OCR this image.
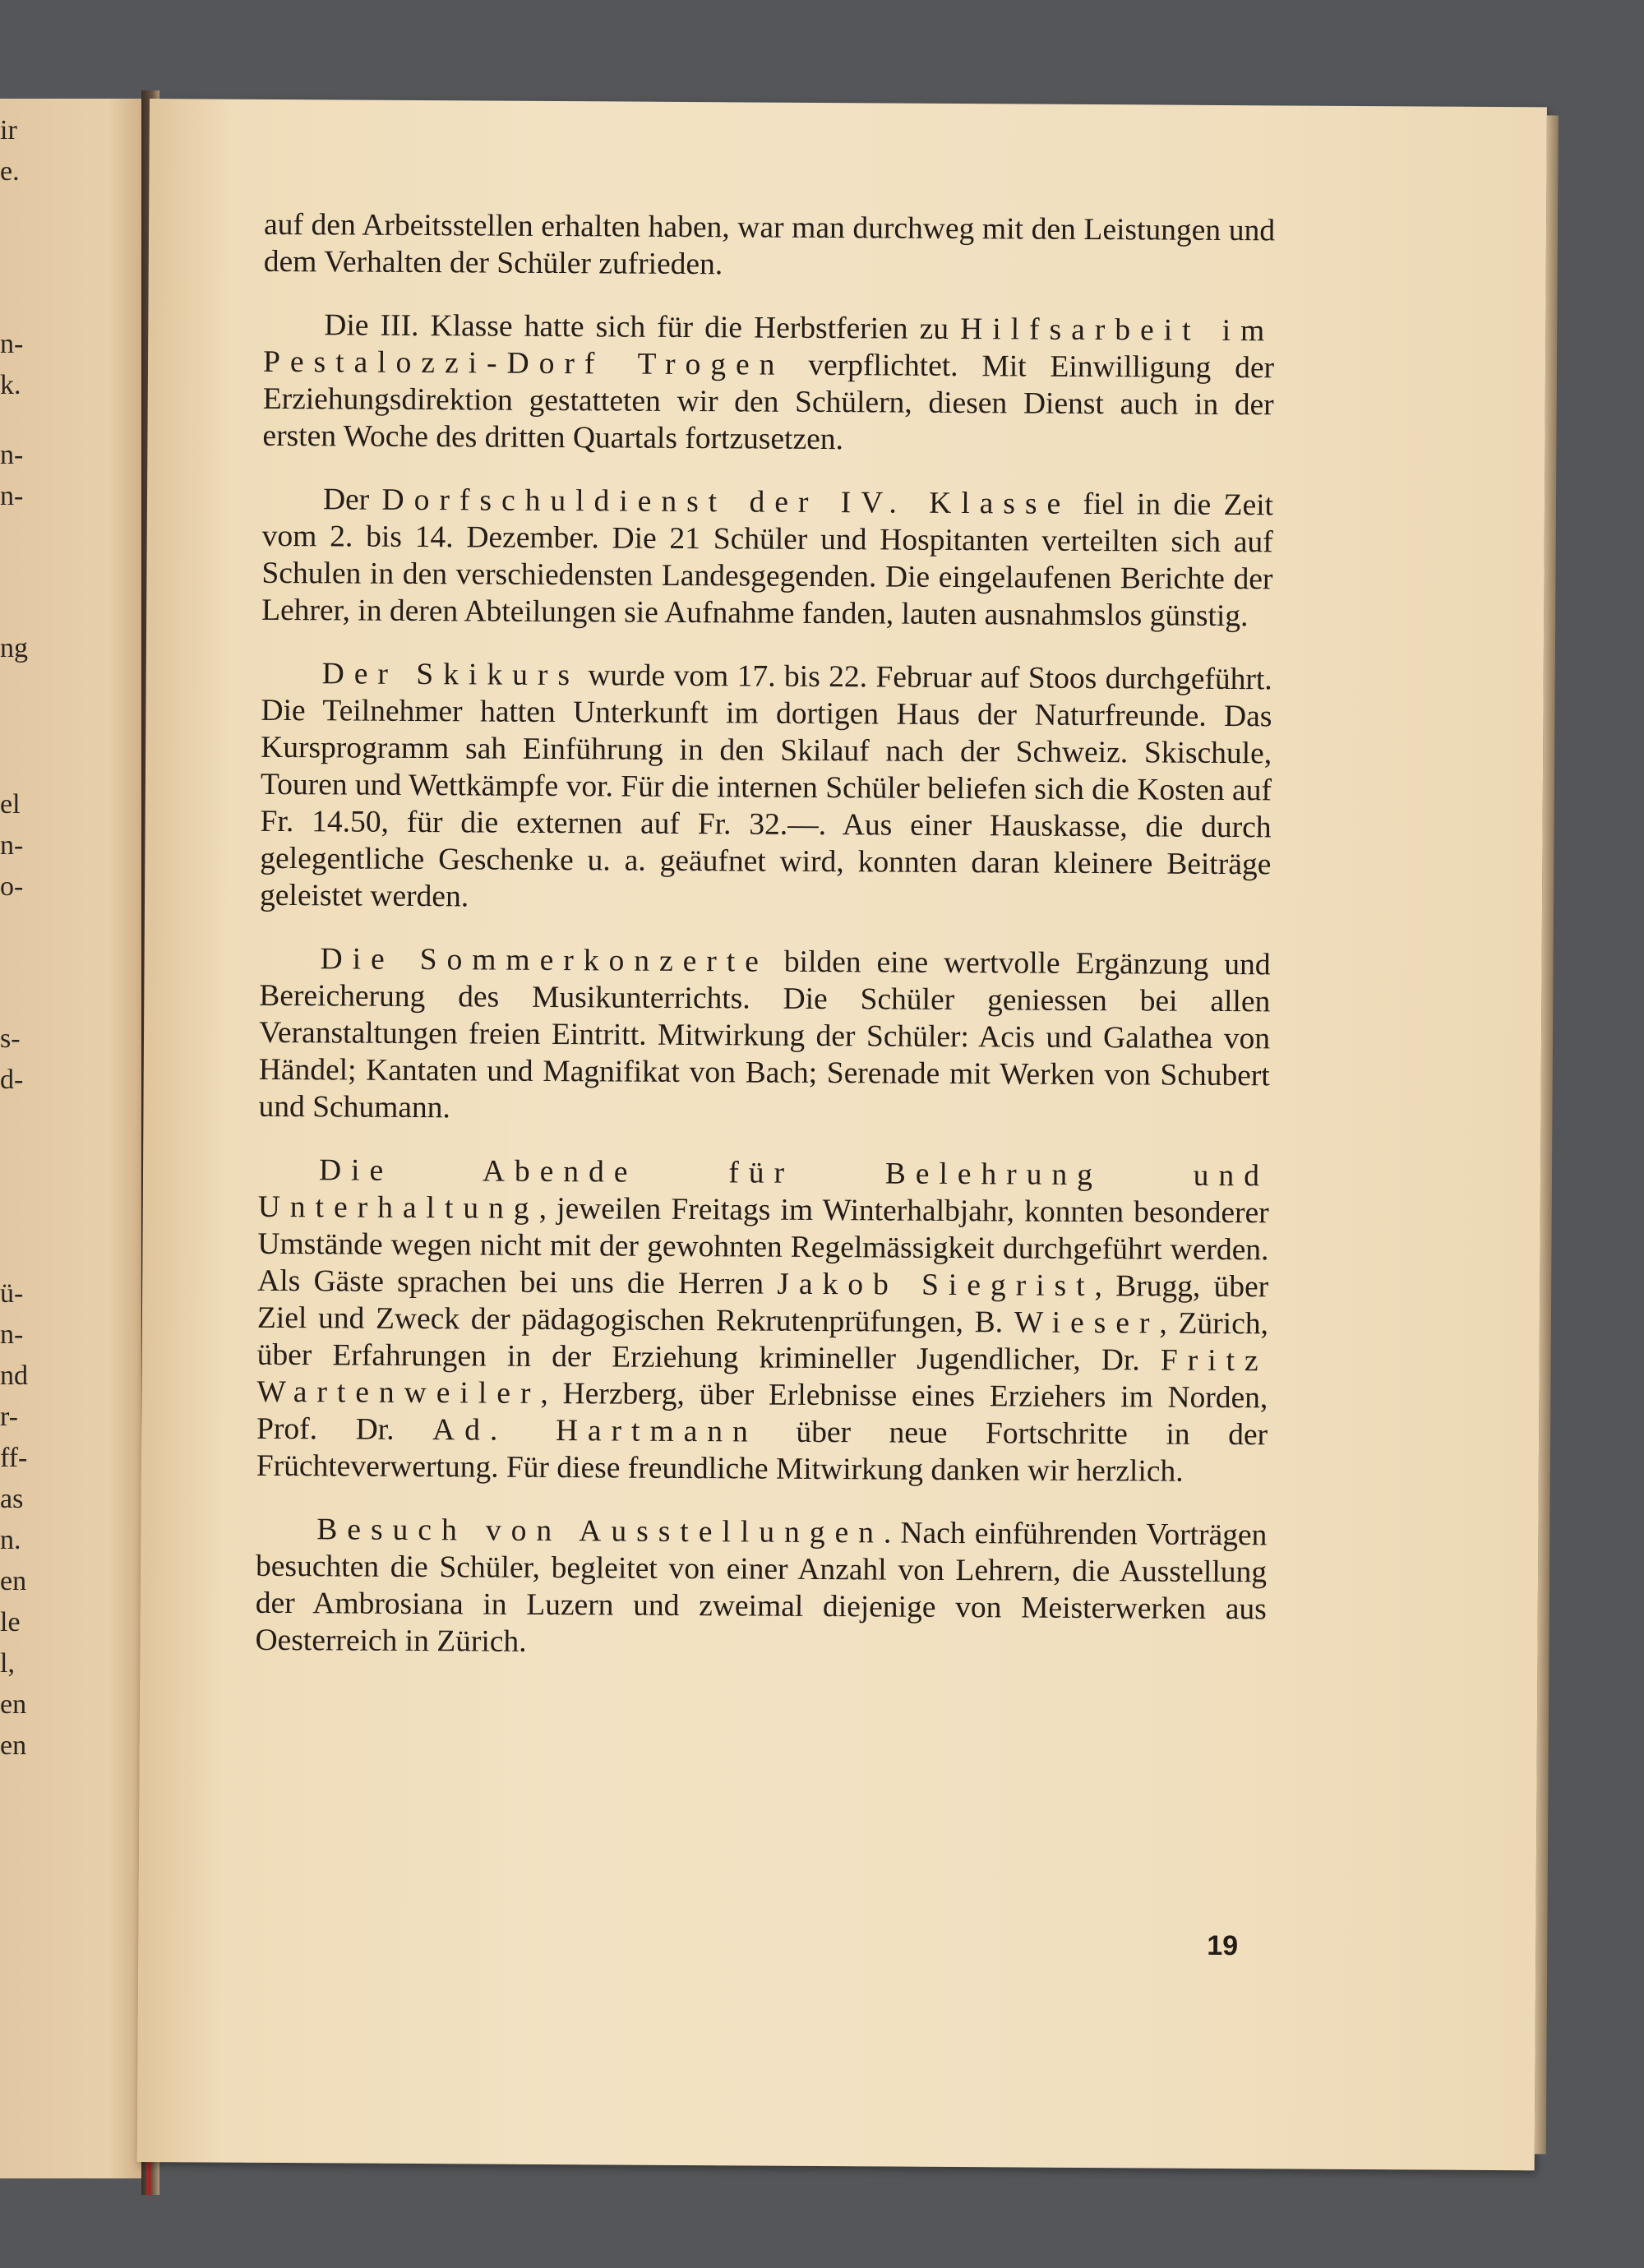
ir
e.
n-
k.
n-
n-
ng
el
n-
o-
s-
d-
ü-
n-
nd
r-
ff-
as
n.
en
le
l,
en
en

auf den Arbeitsstellen erhalten haben, war man durchweg mit den Leistungen und dem Verhalten der Schüler zufrieden.

Die III. Klasse hatte sich für die Herbstferien zu Hilfsarbeit im Pestalozzi-Dorf Trogen verpflichtet. Mit Einwilligung der Erziehungsdirektion gestatteten wir den Schülern, diesen Dienst auch in der ersten Woche des dritten Quartals fortzusetzen.

Der Dorfschuldienst der IV. Klasse fiel in die Zeit vom 2. bis 14. Dezember. Die 21 Schüler und Hospitanten verteilten sich auf Schulen in den verschiedensten Landesgegenden. Die eingelaufenen Berichte der Lehrer, in deren Abteilungen sie Aufnahme fanden, lauten ausnahmslos günstig.

Der Skikurs wurde vom 17. bis 22. Februar auf Stoos durchgeführt. Die Teilnehmer hatten Unterkunft im dortigen Haus der Naturfreunde. Das Kursprogramm sah Einführung in den Skilauf nach der Schweiz. Skischule, Touren und Wettkämpfe vor. Für die internen Schüler beliefen sich die Kosten auf Fr. 14.50, für die externen auf Fr. 32.—. Aus einer Hauskasse, die durch gelegentliche Geschenke u. a. geäufnet wird, konnten daran kleinere Beiträge geleistet werden.

Die Sommerkonzerte bilden eine wertvolle Ergänzung und Bereicherung des Musikunterrichts. Die Schüler geniessen bei allen Veranstaltungen freien Eintritt. Mitwirkung der Schüler: Acis und Galathea von Händel; Kantaten und Magnifikat von Bach; Serenade mit Werken von Schubert und Schumann.

Die Abende für Belehrung und Unterhaltung, jeweilen Freitags im Winterhalbjahr, konnten besonderer Umstände wegen nicht mit der gewohnten Regelmässigkeit durchgeführt werden. Als Gäste sprachen bei uns die Herren Jakob Siegrist, Brugg, über Ziel und Zweck der pädagogischen Rekrutenprüfungen, B. Wieser, Zürich, über Erfahrungen in der Erziehung krimineller Jugendlicher, Dr. Fritz Wartenweiler, Herzberg, über Erlebnisse eines Erziehers im Norden, Prof. Dr. Ad. Hartmann über neue Fortschritte in der Früchteverwertung. Für diese freundliche Mitwirkung danken wir herzlich.

Besuch von Ausstellungen. Nach einführenden Vorträgen besuchten die Schüler, begleitet von einer Anzahl von Lehrern, die Ausstellung der Ambrosiana in Luzern und zweimal diejenige von Meisterwerken aus Oesterreich in Zürich.

19
